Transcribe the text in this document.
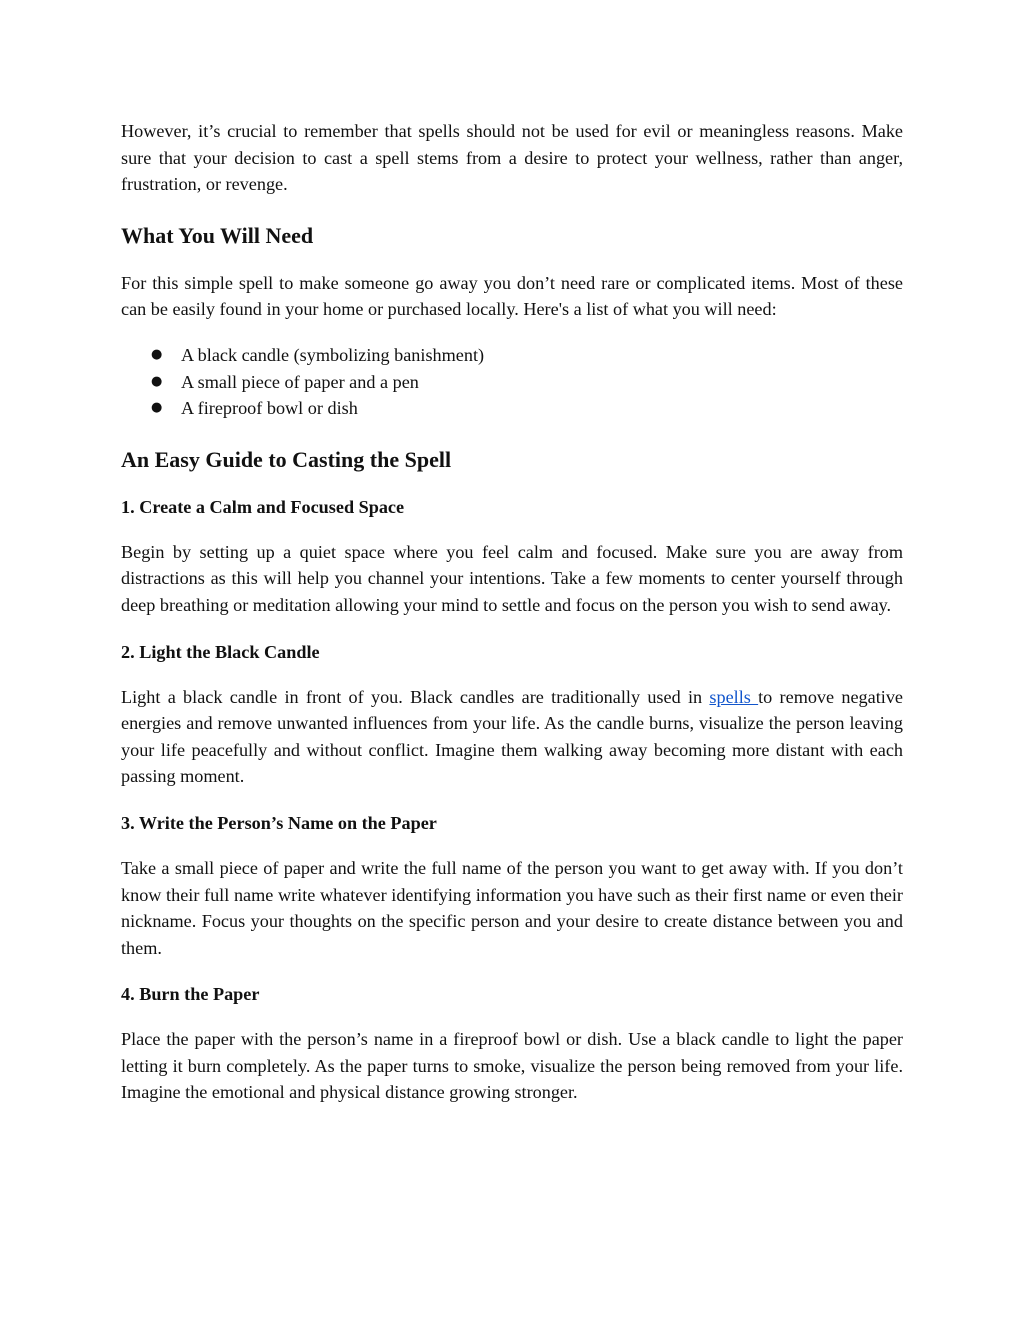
However, it’s crucial to remember that spells should not be used for evil or meaningless reasons. Make sure that your decision to cast a spell stems from a desire to protect your wellness, rather than anger, frustration, or revenge.

What You Will Need

For this simple spell to make someone go away you don’t need rare or complicated items. Most of these can be easily found in your home or purchased locally. Here's a list of what you will need:

● A black candle (symbolizing banishment)
● A small piece of paper and a pen
● A fireproof bowl or dish
An Easy Guide to Casting the Spell
1. Create a Calm and Focused Space

Begin by setting up a quiet space where you feel calm and focused. Make sure you are away from distractions as this will help you channel your intentions. Take a few moments to center yourself through deep breathing or meditation allowing your mind to settle and focus on the person you wish to send away.

2. Light the Black Candle

Light a black candle in front of you. Black candles are traditionally used in spells to remove negative energies and remove unwanted influences from your life. As the candle burns, visualize the person leaving your life peacefully and without conflict. Imagine them walking away becoming more distant with each passing moment.

3. Write the Person’s Name on the Paper

Take a small piece of paper and write the full name of the person you want to get away with. If you don’t know their full name write whatever identifying information you have such as their first name or even their nickname. Focus your thoughts on the specific person and your desire to create distance between you and them.

4. Burn the Paper

Place the paper with the person’s name in a fireproof bowl or dish. Use a black candle to light the paper letting it burn completely. As the paper turns to smoke, visualize the person being removed from your life. Imagine the emotional and physical distance growing stronger.
